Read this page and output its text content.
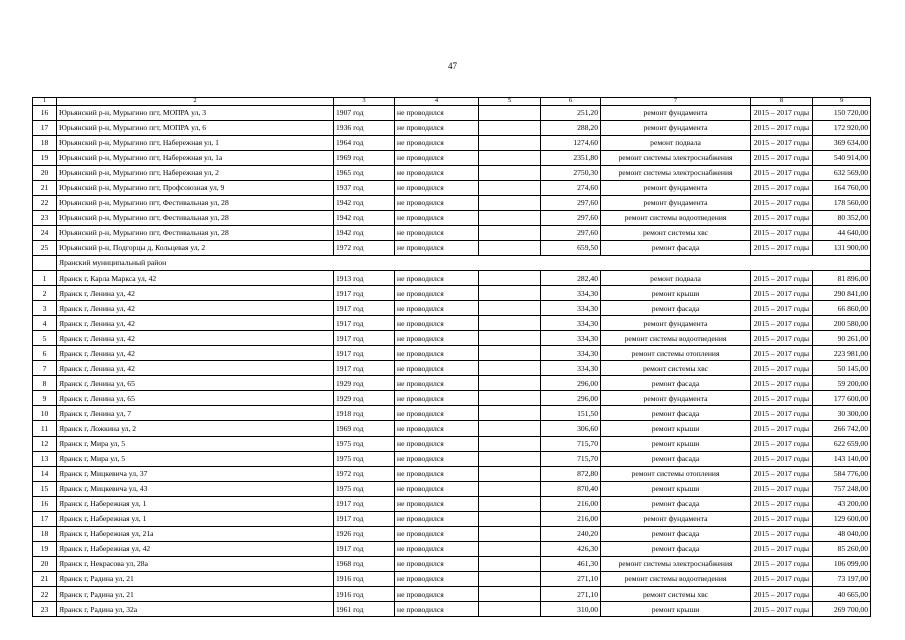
47
1	2	3	4	5	6	7	8	9
16	Юрьянский р-н, Мурыгино пгт, МОПРА ул, 3	1907 год	не проводился		251,20	ремонт фундамента	2015 – 2017 годы	150 720,00
17	Юрьянский р-н, Мурыгино пгт, МОПРА ул, 6	1936 год	не проводился		288,20	ремонт фундамента	2015 – 2017 годы	172 920,00
18	Юрьянский р-н, Мурыгино пгт, Набережная ул, 1	1964 год	не проводился		1274,60	ремонт подвала	2015 – 2017 годы	369 634,00
19	Юрьянский р-н, Мурыгино пгт, Набережная ул, 1а	1969 год	не проводился		2351,80	ремонт системы электроснабжения	2015 – 2017 годы	540 914,00
20	Юрьянский р-н, Мурыгино пгт, Набережная ул, 2	1965 год	не проводился		2750,30	ремонт системы электроснабжения	2015 – 2017 годы	632 569,00
21	Юрьянский р-н, Мурыгино пгт, Профсоюзная ул, 9	1937 год	не проводился		274,60	ремонт фундамента	2015 – 2017 годы	164 760,00
22	Юрьянский р-н, Мурыгино пгт, Фестивальная ул, 28	1942 год	не проводился		297,60	ремонт фундамента	2015 – 2017 годы	178 560,00
23	Юрьянский р-н, Мурыгино пгт, Фестивальная ул, 28	1942 год	не проводился		297,60	ремонт системы водоотведения	2015 – 2017 годы	80 352,00
24	Юрьянский р-н, Мурыгино пгт, Фестивальная ул, 28	1942 год	не проводился		297,60	ремонт системы хвс	2015 – 2017 годы	44 640,00
25	Юрьянский р-н, Подгорцы д, Кольцевая ул, 2	1972 год	не проводился		659,50	ремонт фасада	2015 – 2017 годы	131 900,00
	Яранский муниципальный район							
1	Яранск г, Карла Маркса ул, 42	1913 год	не проводился		282,40	ремонт подвала	2015 – 2017 годы	81 896,00
2	Яранск г, Ленина ул, 42	1917 год	не проводился		334,30	ремонт крыши	2015 – 2017 годы	290 841,00
3	Яранск г, Ленина ул, 42	1917 год	не проводился		334,30	ремонт фасада	2015 – 2017 годы	66 860,00
4	Яранск г, Ленина ул, 42	1917 год	не проводился		334,30	ремонт фундамента	2015 – 2017 годы	200 580,00
5	Яранск г, Ленина ул, 42	1917 год	не проводился		334,30	ремонт системы водоотведения	2015 – 2017 годы	90 261,00
6	Яранск г, Ленина ул, 42	1917 год	не проводился		334,30	ремонт системы отопления	2015 – 2017 годы	223 981,00
7	Яранск г, Ленина ул, 42	1917 год	не проводился		334,30	ремонт системы хвс	2015 – 2017 годы	50 145,00
8	Яранск г, Ленина ул, 65	1929 год	не проводился		296,00	ремонт фасада	2015 – 2017 годы	59 200,00
9	Яранск г, Ленина ул, 65	1929 год	не проводился		296,00	ремонт фундамента	2015 – 2017 годы	177 600,00
10	Яранск г, Ленина ул, 7	1918 год	не проводился		151,50	ремонт фасада	2015 – 2017 годы	30 300,00
11	Яранск г, Ложкина ул, 2	1969 год	не проводился		306,60	ремонт крыши	2015 – 2017 годы	266 742,00
12	Яранск г, Мира ул, 5	1975 год	не проводился		715,70	ремонт крыши	2015 – 2017 годы	622 659,00
13	Яранск г, Мира ул, 5	1975 год	не проводился		715,70	ремонт фасада	2015 – 2017 годы	143 140,00
14	Яранск г, Мицкевича ул, 37	1972 год	не проводился		872,80	ремонт системы отопления	2015 – 2017 годы	584 776,00
15	Яранск г, Мицкевича ул, 43	1975 год	не проводился		870,40	ремонт крыши	2015 – 2017 годы	757 248,00
16	Яранск г, Набережная ул, 1	1917 год	не проводился		216,00	ремонт фасада	2015 – 2017 годы	43 200,00
17	Яранск г, Набережная ул, 1	1917 год	не проводился		216,00	ремонт фундамента	2015 – 2017 годы	129 600,00
18	Яранск г, Набережная ул, 21а	1926 год	не проводился		240,20	ремонт фасада	2015 – 2017 годы	48 040,00
19	Яранск г, Набережная ул, 42	1917 год	не проводился		426,30	ремонт фасада	2015 – 2017 годы	85 260,00
20	Яранск г, Некрасова ул, 28а	1968 год	не проводился		461,30	ремонт системы электроснабжения	2015 – 2017 годы	106 099,00
21	Яранск г, Радина ул, 21	1916 год	не проводился		271,10	ремонт системы водоотведения	2015 – 2017 годы	73 197,00
22	Яранск г, Радина ул, 21	1916 год	не проводился		271,10	ремонт системы хвс	2015 – 2017 годы	40 665,00
23	Яранск г, Радина ул, 32а	1961 год	не проводился		310,00	ремонт крыши	2015 – 2017 годы	269 700,00
